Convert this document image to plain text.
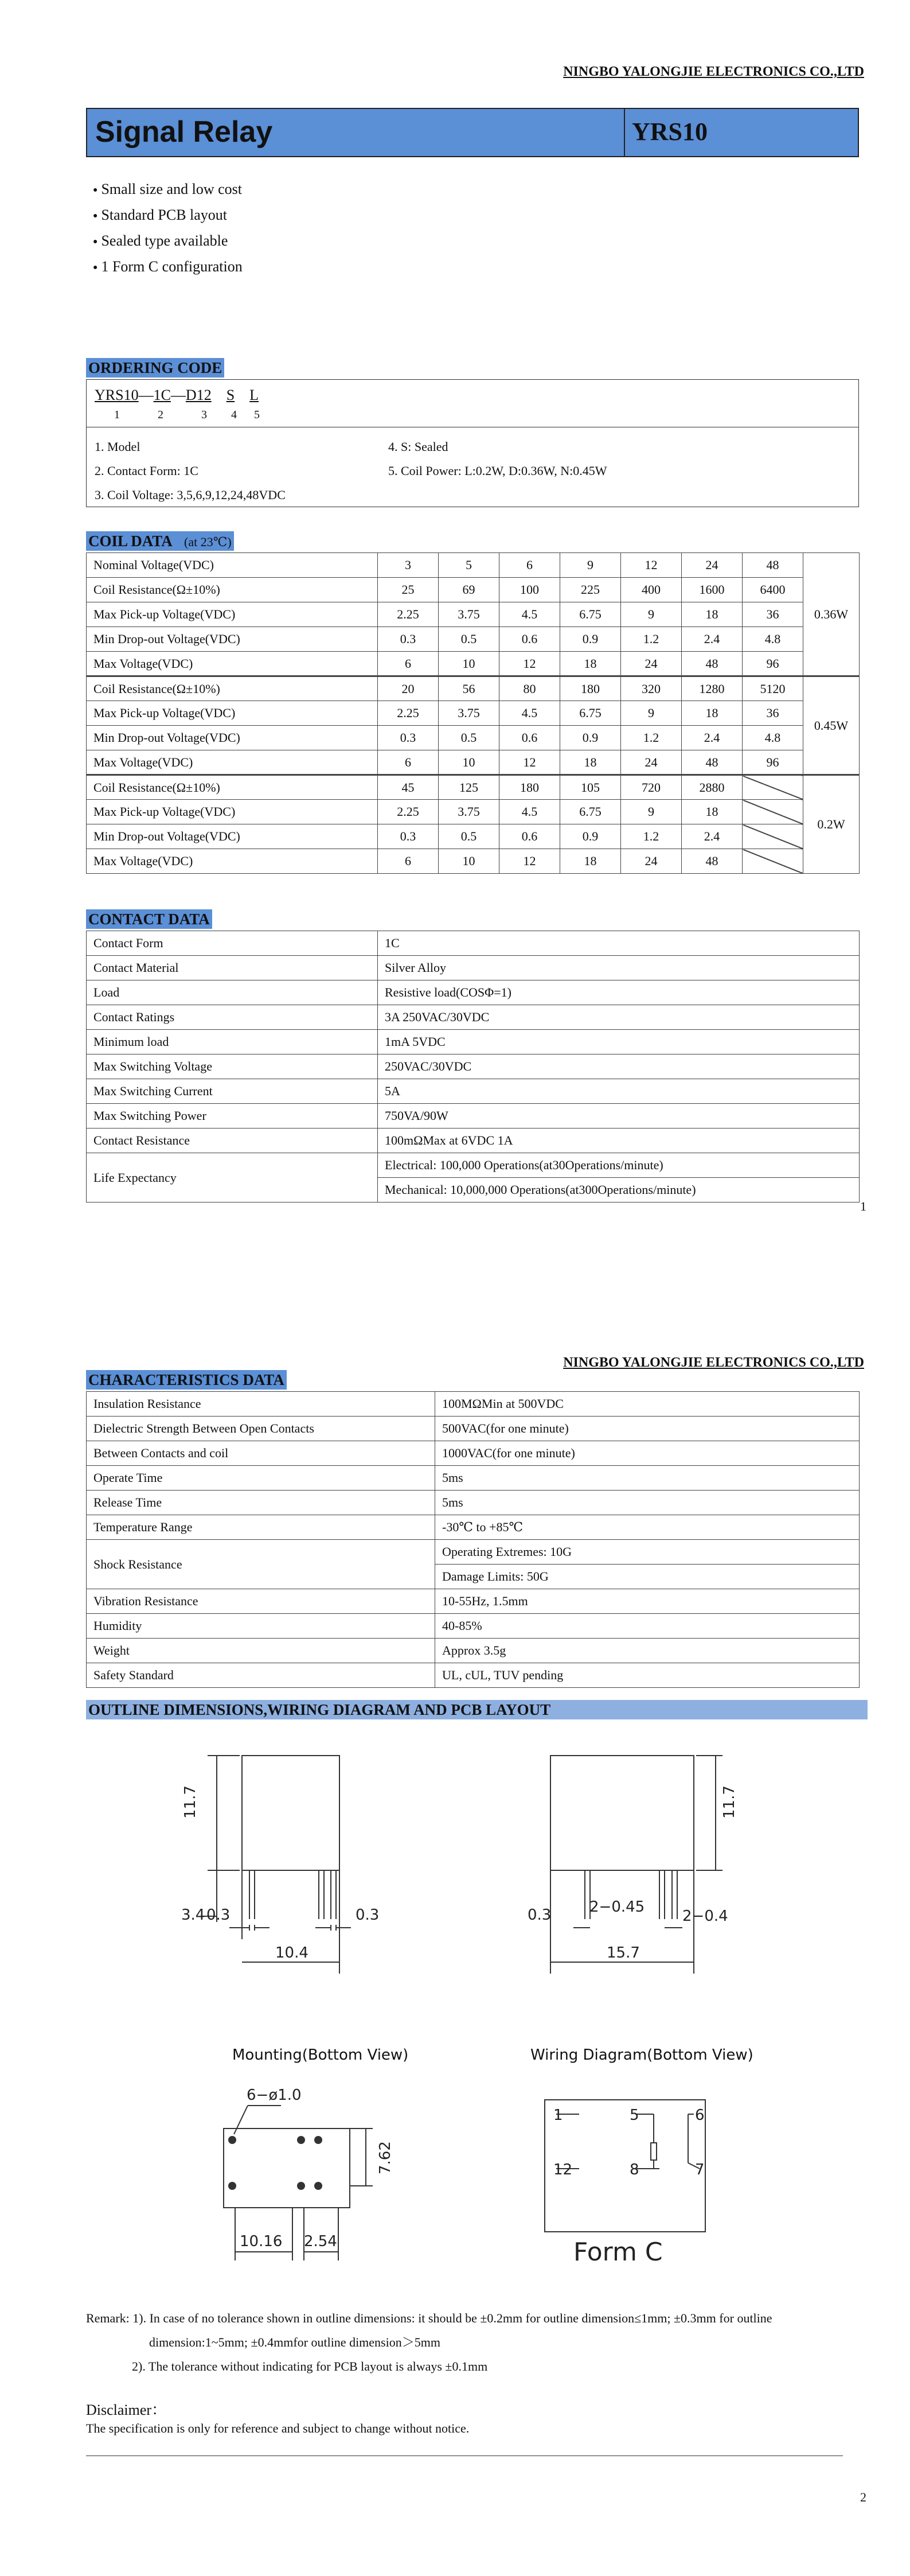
NINGBO YALONGJIE ELECTRONICS CO.,LTD
Signal Relay	YRS10
● Small size and low cost
● Standard PCB layout
● Sealed type available
● 1 Form C configuration
ORDERING CODE
YRS10—1C—D12 S L
1	2	3 4 5
1. Model
2. Contact Form: 1C
3. Coil Voltage: 3,5,6,9,12,24,48VDC
4. S: Sealed
5. Coil Power: L:0.2W, D:0.36W, N:0.45W
COIL DATA (at 23℃)
Nominal Voltage(VDC)	3	5	6	9	12	24	48	0.36W
Coil Resistance(Ω±10%)	25	69	100	225	400	1600	6400	
Max Pick-up Voltage(VDC)	2.25	3.75	4.5	6.75	9	18	36	
Min Drop-out Voltage(VDC)	0.3	0.5	0.6	0.9	1.2	2.4	4.8	
Max Voltage(VDC)	6	10	12	18	24	48	96	
Coil Resistance(Ω±10%)	20	56	80	180	320	1280	5120	0.45W
Max Pick-up Voltage(VDC)	2.25	3.75	4.5	6.75	9	18	36	
Min Drop-out Voltage(VDC)	0.3	0.5	0.6	0.9	1.2	2.4	4.8	
Max Voltage(VDC)	6	10	12	18	24	48	96	
Coil Resistance(Ω±10%)	45	125	180	105	720	2880		0.2W
Max Pick-up Voltage(VDC)	2.25	3.75	4.5	6.75	9	18		
Min Drop-out Voltage(VDC)	0.3	0.5	0.6	0.9	1.2	2.4		
Max Voltage(VDC)	6	10	12	18	24	48		
CONTACT DATA
Contact Form	1C
Contact Material	Silver Alloy
Load	Resistive load(COSΦ=1)
Contact Ratings	3A 250VAC/30VDC
Minimum load	1mA 5VDC
Max Switching Voltage	250VAC/30VDC
Max Switching Current	5A
Max Switching Power	750VA/90W
Contact Resistance	100mΩMax at 6VDC 1A
Life Expectancy	Electrical: 100,000 Operations(at30Operations/minute)
	Mechanical: 10,000,000 Operations(at300Operations/minute)
1
NINGBO YALONGJIE ELECTRONICS CO.,LTD
CHARACTERISTICS DATA
Insulation Resistance	100MΩMin at 500VDC
Dielectric Strength Between Open Contacts	500VAC(for one minute)
Between Contacts and coil	1000VAC(for one minute)
Operate Time	5ms
Release Time	5ms
Temperature Range	-30℃ to +85℃
Shock Resistance	Operating Extremes: 10G
	Damage Limits: 50G
Vibration Resistance	10-55Hz, 1.5mm
Humidity	40-85%
Weight	Approx 3.5g
Safety Standard	UL, cUL, TUV pending
OUTLINE DIMENSIONS,WIRING DIAGRAM AND PCB LAYOUT
11.7
3.4 0.3	0.3
10.4
11.7
0.3	2−0.45
2−0.4
15.7
6−ø1.0
7.62
10.16 2.54
1	5	6
12	8	7
Form C
Mounting(Bottom View)	Wiring Diagram(Bottom View)
Remark: 1). In case of no tolerance shown in outline dimensions: it should be ±0.2mm for outline dimension≤1mm; ±0.3mm for outline
dimension:1~5mm; ±0.4mmfor outline dimension＞5mm
2). The tolerance without indicating for PCB layout is always ±0.1mm
Disclaimer：
The specification is only for reference and subject to change without notice.
2
